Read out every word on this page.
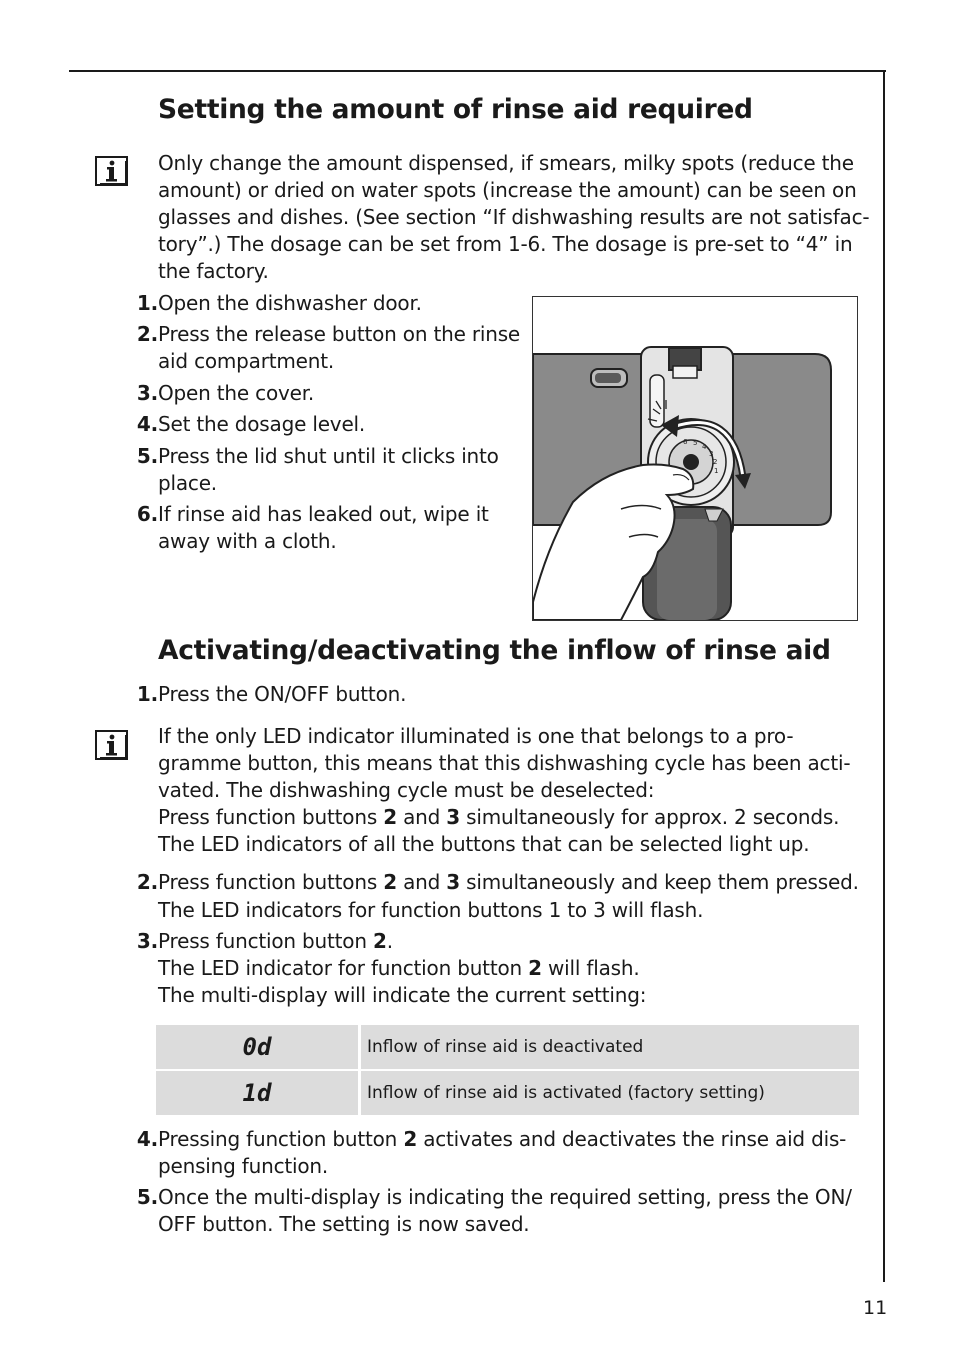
Setting the amount of rinse aid required

Only change the amount dispensed, if smears, milky spots (reduce the

amount) or dried on water spots (increase the amount) can be seen on

glasses and dishes. (See section “If dishwashing results are not satisfac-

tory”.) The dosage can be set from 1-6. The dosage is pre-set to “4” in

the factory.

1. Open the dishwasher door.
2. Press the release button on the rinse

aid compartment.

3. Open the cover.
4. Set the dosage level.
5. Press the lid shut until it clicks into

place.

6. If rinse aid has leaked out, wipe it

away with a cloth.

6 5 4
3
2
1
Activating/deactivating the inflow of rinse aid
1. Press the ON/OFF button.

If the only LED indicator illuminated is one that belongs to a pro-

gramme button, this means that this dishwashing cycle has been acti-

vated. The dishwashing cycle must be deselected:

Press function buttons 2 and 3 simultaneously for approx. 2 seconds.

The LED indicators of all the buttons that can be selected light up.

2. Press function buttons 2 and 3 simultaneously and keep them pressed.

The LED indicators for function buttons 1 to 3 will flash.

3. Press function button 2.

The LED indicator for function button 2 will flash.

The multi-display will indicate the current setting:

0d	Inflow of rinse aid is deactivated
1d	Inflow of rinse aid is activated (factory setting)
4. Pressing function button 2 activates and deactivates the rinse aid dis-

pensing function.

5. Once the multi-display is indicating the required setting, press the ON/

OFF button. The setting is now saved.

11
